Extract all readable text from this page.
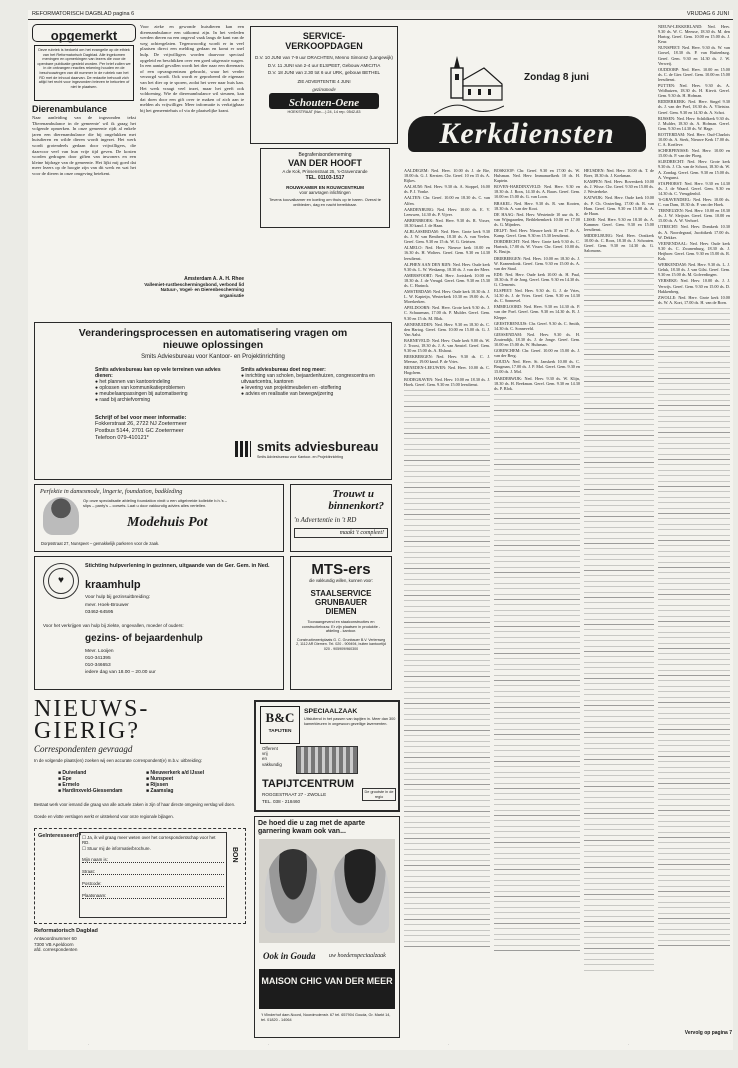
REFORMATORISCH DAGBLAD pagina 6	VRIJDAG 6 JUNI
opgemerkt

Deze rubriek is bedoeld om het evangelie op de ethiek van het Reformatorisch Dagblad. Alle ingekomen meningen en opmerkingen van lezers die voor de openbare publicatie gesteld worden. Per brief zullen we in de ontvangen reacties rekening houden en de beschouwingen van dit nummer in de rubriek van het RD met de inhoud daarvan. De redactie behoudt zich altijd het recht voor ingezonden brieven te bekorten of niet te plaatsen.

Dierenambulance

Naar aanleiding van de ingezonden tekst 'Dierenambulance in de gemeente' wil ik graag het volgende opmerken. In onze gemeente rijdt al enkele jaren een dierenambulance die bij ongelukken met huisdieren en wilde dieren wordt ingezet. Het werk wordt grotendeels gedaan door vrijwilligers, die daarvoor veel van hun vrije tijd geven. De kosten worden gedragen door giften van inwoners en een kleine bijdrage van de gemeente. Het lijkt mij goed dat meer lezers op de hoogte zijn van dit werk en wat het voor de dieren in onze omgeving betekent.

Voor zieke en gewonde huisdieren kan een dierenambulance een uitkomst zijn. In het verleden werden dieren na een ongeval vaak langs de kant van de weg achtergelaten. Tegenwoordig wordt er in veel plaatsen direct een melding gedaan en komt er snel hulp. De vrijwilligers worden daarvoor speciaal opgeleid en beschikken over een goed uitgeruste wagen. In een aantal gevallen wordt het dier naar een dierenarts of een opvangcentrum gebracht, waar het verder verzorgd wordt. Ook wordt er geprobeerd de eigenaar van het dier op te sporen, zodat het weer naar huis kan. Het werk vraagt veel inzet, maar het geeft ook voldoening. Wie de dierenambulance wil steunen, kan dat doen door een gift over te maken of zich aan te melden als vrijwilliger. Meer informatie is verkrijgbaar bij het gemeentehuis of via de plaatselijke krant.

Amsterdam A. A. H. Rhee
Vallemiet-rustbeschermingsbond, verbond lid Natuur-, Vogel- en Dierenbescherming organisatie
SERVICE-
VERKOOPDAGEN
D.V. 10 JUNI van 7-9 uur DRACHTEN, Menno Simonsz (Langewijk)
D.V. 11 JUNI van 2-4 uur ELSPEET, Gebouw AMICITIA
D.V. 18 JUNI van 2.30 tot 6 uur URK, gebouw BETHEL
ZIE ADVERTENTIE 4 JUNI
gezinsmode
Schouten-Oene
HOEKSTRAAT (Nw-...) 24, 14 rep. 0542-83
Begrafenisonderneming
VAN DER HOOFT
A de Kok, Prinsenstraat 25, 's-Gravenzande
TEL. 01103-1517
ROUWKAMER EN ROUWCENTRUM
voor aanvragen inlichtingen
Tevens kouvalkamer en koeling om thuis op te baren. Overal te ontbieden, dag en nacht bereikbaar.
Zondag 8 juni
Kerkdiensten

AALDEGEM: Ned. Herv. 10.00 ds J. de Bie, 18.00 ds. G. J. Kersten. Chr. Geref. 10 en 15 ds. A. Rijkes.

AALSUM: Ned. Herv. 9.30 ds. A. Stoppel, 16.00 ds. P. J. Vonke.

AALTEN: Chr. Geref. 10.00 en 18.30 ds. C. van Alfen.

AARDENBURG: Ned. Herv. 10.00 ds. E. V. Leeuwen, 14.30 ds. P. Vijver.

ABBENBROEK: Ned. Herv. 9.30 ds. R. Visser, 18.30 kand. J. de Haan.

ALBLASSERDAM: Ned. Herv. Grote kerk 9.30 ds. J. W. van Benthem, 18.30 ds. A. van Veelen. Geref. Gem. 9.30 en 15 ds. W. G. Geirtsen.

ALMELO: Ned. Herv. Nieuwe kerk 10.00 en 16.30 ds. H. Wolters. Geref. Gem. 9.30 en 14.30 leesdienst.

ALPHEN AAN DEN RIJN: Ned. Herv. Oude kerk 9.30 ds. L. W. Weskamp, 18.30 ds. J. van der Meer.

AMERSFOORT: Ned. Herv. Joriskerk 10.00 en 18.30 ds. J. de Vreugd. Geref. Gem. 9.30 en 15.30 ds. C. Harinck.

AMSTERDAM: Ned. Herv. Oude kerk 10.30 ds. J. L. W. Kapteijn, Westerkerk 10.30 en 19.00 ds. A. Moerkerken.

APELDOORN: Ned. Herv. Grote kerk 9.30 ds. J. C. Schuurman, 17.00 ds. P. Mulder. Geref. Gem. 9.30 en 15 ds. M. Blok.

ARNEMUIDEN: Ned. Herv. 9.30 en 18.30 ds. C. den Hartog. Geref. Gem. 10.00 en 15.00 ds. G. J. Van Aalst.

BARNEVELD: Ned. Herv. Oude kerk 9.00 ds. W. J. Troost, 18.30 ds. J. A. van Amstel. Geref. Gem. 9.30 en 15.00 ds. A. Elshout.

BEEKBERGEN: Ned. Herv. 9.30 ds. C. J. Meeuse, 19.00 kand. P. de Vries.

BENEDEN-LEEUWEN: Ned. Herv. 10.00 ds. C. Hogchem.

BODEGRAVEN: Ned. Herv. 10.00 en 18.30 ds. J. Hoek. Geref. Gem. 9.30 en 15.00 leesdienst.

BOSKOOP: Chr. Geref. 9.30 en 17.00 ds. W. Hulsman. Ned. Herv. Immanuelkerk 10 ds. H. Kaptein.

BOVEN-HARDINXVELD: Ned. Herv. 9.30 en 18.30 ds. J. Roos, 14.30 ds. A. Baars. Geref. Gem. 10.00 en 15.00 ds. G. van Loon.

BRAKEL: Ned. Herv. 9.30 ds. R. van Kooten, 18.30 ds. A. van der Kooi.

DE HAAG: Ned. Herv. Westeinde 10 uur ds. K. van Wijngaarden, Bethlehemkerk 10.00 en 17.00 ds. G. Mijnders.

DELFT: Ned. Herv. Nieuwe kerk 10 en 17 ds. A. Kamp. Geref. Gem. 9.30 en 15.30 leesdienst.

DORDRECHT: Ned. Herv. Grote kerk 9.30 ds. C. Harinck, 17.00 ds. W. Visser. Chr. Geref. 10.00 ds. K. Bruijn.

DRIEBERGEN: Ned. Herv. 10.00 en 18.30 ds. J. W. Kranendonk. Geref. Gem. 9.30 en 15.00 ds. A. van der Staal.

EDE: Ned. Herv. Oude kerk 10.00 ds. H. Paul, 18.30 ds. P. de Jong. Geref. Gem. 9.30 en 14.30 ds. G. Clements.

ELSPEET: Ned. Herv. 9.30 ds. G. J. de Vries, 14.30 ds. J. de Vries. Geref. Gem. 9.30 en 14.30 ds. C. Sonnevel.

EMMELOORD: Ned. Herv. 9.30 en 14.30 ds. P. van der Poel. Geref. Gem. 9.30 en 14.30 ds. B. J. Kleppe.

GEESTERENUIJS: Chr. Geref. 9.30 ds. C. Smith, 14.30 ds. C. Sonneveld.

GIESSENDAM: Ned. Herv. 9.30 ds. H. Zoutendijk, 18.30 ds. J. de Jonge. Geref. Gem. 10.00 en 15.00 ds. W. Hulsman.

GORINCHEM: Chr. Geref. 10.00 en 15.00 ds. J. van der Berg.

GOUDA: Ned. Herv. St. Janskerk 10.00 ds. C. Brugman, 17.00 ds. J. P. Mol. Geref. Gem. 9.30 en 15.00 ds. J. Mol.

HARDERWIJK: Ned. Herv. 9.30 ds. W. Klijn, 18.30 ds. H. Beekman. Geref. Gem. 9.30 en 14.30 ds. P. Blok.

HEUSDEN: Ned. Herv. 10.00 ds. T. de Boer, 18.30 ds. J. Koekman.

KAMPEN: Ned. Herv. Bovenkerk 10.00 ds. J. Wisse. Chr. Geref. 9.30 en 15.00 ds. J. Westerbeke.

KATWIJK: Ned. Herv. Oude kerk 10.00 ds. P. Ch. Oosterling, 17.00 ds. R. van Ham. Geref. Gem. 9.30 en 15.00 ds. A. de Haan.

LISSE: Ned. Herv. 9.30 en 18.30 ds. A. Kammer. Geref. Gem. 9.30 en 15.00 leesdienst.

MIDDELBURG: Ned. Herv. Oostkerk 10.00 ds. C. Roos, 18.30 ds. J. Schouten. Geref. Gem. 9.30 en 14.30 ds. G. Salomons.

NIEUW-LEKKERLAND: Ned. Herv. 9.30 ds. W. C. Meeuse, 18.30 ds. M. den Hartog. Geref. Gem. 10.00 en 15.00 ds. J. Keur.

NUNSPEET: Ned. Herv. 9.30 ds. W. van Gorsel, 18.30 ds. P. van Ruitenburg. Geref. Gem. 9.30 en 14.30 ds. J. W. Verweij.

OUDDORP: Ned. Herv. 10.00 en 15.00 ds. C. de Gier. Geref. Gem. 10.00 en 15.00 leesdienst.

PUTTEN: Ned. Herv. 9.30 ds. A. Veldhuizen, 18.30 ds. H. Kievit. Geref. Gem. 9.30 ds. H. Hofman.

RIDDERKERK: Ned. Herv. Singel 9.30 ds. J. van der Poel, 18.30 ds. A. Vlietstra. Geref. Gem. 9.30 en 14.30 ds. A. Schot.

RIJSSEN: Ned. Herv. Schildkerk 9.30 ds. J. Mulder, 18.30 ds. A. Hofman. Geref. Gem. 9.30 en 14.30 ds. W. Hage.

ROTTERDAM: Ned. Herv. Oud-Charlois 10.00 ds. A. Sterk, Nieuwe Kerk 17.00 ds. C. A. Kortleve.

SCHERPENISSE: Ned. Herv. 10.00 en 15.00 ds. P. van der Ploeg.

SLIEDRECHT: Ned. Herv. Grote kerk 9.30 ds. J. Ch. van de Schoot, 18.30 ds. W. A. Zondag. Geref. Gem. 9.30 en 15.00 ds. A. Vergunst.

STAPHORST: Ned. Herv. 9.30 en 14.30 ds. J. de Waard. Geref. Gem. 9.30 en 14.30 ds. C. Vreugdenhil.

'S-GRAVENDEEL: Ned. Herv. 10.00 ds. C. van Dam, 18.30 ds. P. van der Hoek.

TERNEUZEN: Ned. Herv. 10.00 en 18.30 ds. J. W. Sleijster. Geref. Gem. 10.00 en 15.00 ds. A. W. Verhoef.

UTRECHT: Ned. Herv. Domkerk 10.30 ds. A. Noordegraaf, Jacobikerk 17.00 ds. W. Dekker.

VEENENDAAL: Ned. Herv. Oude kerk 9.30 ds. C. Zwanenburg, 18.30 ds. J. Heijboer. Geref. Gem. 9.30 en 15.00 ds. R. Kok.

WERKENDAM: Ned. Herv. 9.30 ds. L. J. Geluk, 18.30 ds. J. van Gilst. Geref. Gem. 9.30 en 15.00 ds. M. Golverdingen.

YERSEKE: Ned. Herv. 10.00 ds. J. J. Verwijs. Geref. Gem. 9.30 en 15.00 ds. D. Hakkenberg.

ZWOLLE: Ned. Herv. Grote kerk 10.00 ds. W. A. Kort, 17.00 ds. H. van de Born.

Vervolg op pagina 7
Veranderingsprocessen en automatisering vragen om nieuwe oplossingen
Smits Adviesbureau voor Kantoor- en Projektinrichting
Smits adviesbureau kan op vele terreinen van advies dienen:
● het plannen van kantoorindeling
● oplossen van kommunikatieproblemen
● meubelaanpassingen bij automatisering
● raad bij archiefvorming
Smits adviesbureau doet nog meer:
● inrichting van scholen, bejaardenhuizen, congrescentra en uitvaartcentra, kantoren
● levering van projektmeubelen en -stoffering
● advies en realisatie van bewegwijzering
Schrijf of bel voor meer informatie:
Fokkerstraat 26, 2722 NJ Zoetermeer
Postbus 5144, 2701 GC Zoetermeer
Telefoon 079-410121*
smits adviesbureau
Smits Adviesbureau voor Kantoor- en Projektinrichting
Perfektie in damesmode, lingerie, foundation, badkleding
Op onze specialisatie afdeling foundation vindt u een uitgebreide kollektie b.h.'s – slips – panty's – corsets. Laat u door vakkundig advies alles vertellen.
Modehuis Pot
Dorpsstraat 27, Nunspeet – gemakkelijk parkeren voor de zaak.
Trouwt u
binnenkort?
'n Advertentie in 't RD
maakt 't compleet!
♥
Stichting hulpverlening in gezinnen, uitgaande van de Ger. Gem. in Ned.
kraamhulp
Voor hulp bij gezinsuitbreiding:
mevr. Hoek-Brouwer
03462-64595
Voor het verkrijgen van hulp bij ziekte, ongevallen, moeder of ouders:
gezins- of bejaardenhulp
Mevr. Looijen
010-341395
010-346653
iedere dag van 18.00 – 20.00 uur
MTS-ers
die vakkundig willen, kunnen voor:
STAALSERVICE
GRUNBAUER
DIEMEN
Toonaangevend en staalconstructies en constructiebouw. Er zijn plaatsen in produktie - afdeling - kantoor.
Constructiewerkplaats G. C. Grunbauer B.V. Verlenweg 2, 1112 AR Diemen. Tel. 020 - 909494, buiten kantoortijd 020 - 905909/960300
NIEUWS-
GIERIG?
Correspondenten gevraagd
In de volgende plaats(en) zoeken wij een accurate correspondent(e) m.b.v. uitbreiding:
■ Duiveland
■ Epe
■ Ermelo
■ Hardinxveld-Giessendam
■ Nieuwerkerk a/d IJssel
■ Nunspeet
■ Rijssen
■ Zaamslag
Bestaat werk voor iemand die graag van alle actuele zaken in zijn of haar directe omgeving verslag wil doen.
Goede en vlotte verslagen werkt er uitstekend voor onze regionale bijlagen.
Gelnteresseerd? ☐ Ja, ik wil graag meer weten over het correspondentschap voor het RD.
☐ Stuur mij de informatie/brochure.
Mijn naam is:
Straat:
Postcode:
Plaatsnaam:
BON
Reformatorisch Dagblad
Antwoordnummer 60
7300 VB Apeldoorn
afd. correspondenten
B&C
TAPIJTEN
SPECIAALZAAK
Uitsluitend in het passen van tapijten in. Meer dan 300 kamerkleuren in ongewoon gezellige lavementen.
Offerent
vrij
en
vakkundig
TAPIJTCENTRUM
ROGGESTRAAT 27 - ZWOLLE
TEL. 038 - 218460
De grootste in de regio
De hoed die u zag met de aparte garnering kwam ook van...
Ook in Gouda uw hoedenspeciaalzaak
MAISON CHIC VAN DER MEER
't Vlinderhof dam-Noord, Noordmolenstr. 67 tel. 657904 Gouda, Gr. Markt 14, tel. 01820 - 14064
·	·	·	·
